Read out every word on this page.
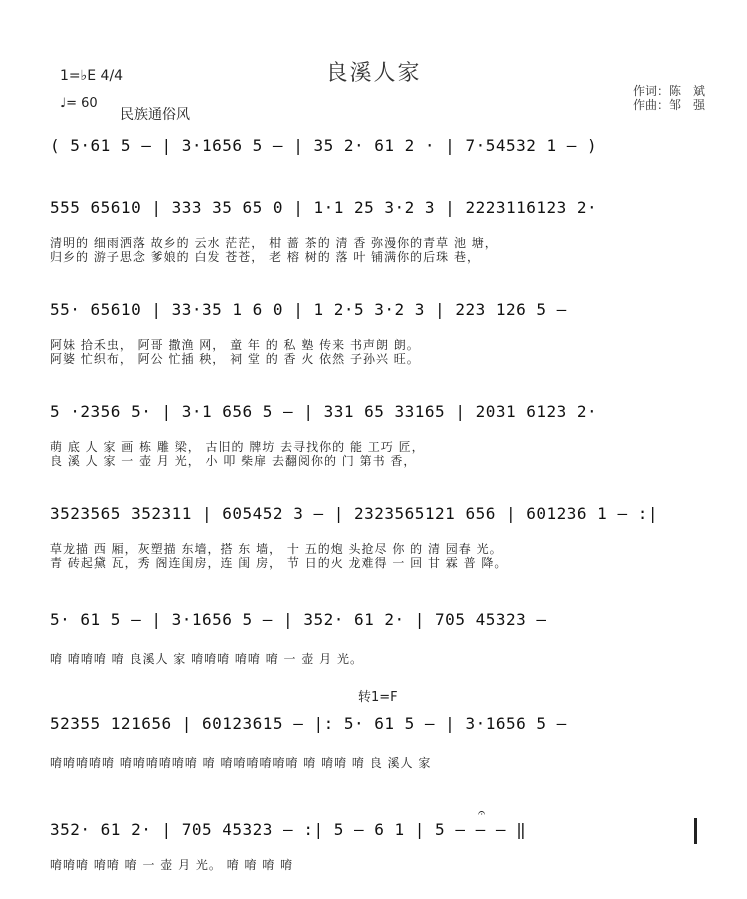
良溪人家
作词：陈　斌
作曲：邹　强
1=♭E 4/4
♩= 60
民族通俗风
( 5·61 5 – | 3·1656 5 – | 35 2· 61 2 · | 7·54532 1 – )
555 65610 | 333 35 65 0 | 1·1 25 3·2 3 | 2223116123 2·
清明的 细雨洒落 故乡的 云水 茫茫， 柑 蔷 茶的 清 香 弥漫你的青草 池 塘，
归乡的 游子思念 爹娘的 白发 苍苍， 老 榕 树的 落 叶 铺满你的后珠 巷，
55· 65610 | 33·35 1 6 0 | 1 2·5 3·2 3 | 223 126 5 –
阿妹 拾禾虫， 阿哥 撒渔 网， 童 年 的 私 塾 传来 书声朗 朗。
阿婆 忙织布， 阿公 忙插 秧， 祠 堂 的 香 火 依然 子孙兴 旺。
5 ·2356 5· | 3·1 656 5 – | 331 65 33165 | 2031 6123 2·
萌 底 人 家 画 栋 雕 梁， 古旧的 牌坊 去寻找你的 能 工巧 匠，
良 溪 人 家 一 壶 月 光， 小 叩 柴扉 去翻阅你的 门 第书 香，
3523565 352311 | 605452 3 – | 2323565121 656 | 601236 1 – :|
草龙描 西 厢，灰塑描 东墙，搭 东 墙， 十 五的炮 头抢尽 你 的 清 园春 光。
青 砖起黛 瓦，秀 阁连闺房，连 闺 房， 节 日的火 龙难得 一 回 甘 霖 普 降。
5· 61 5 – | 3·1656 5 – | 352· 61 2· | 705 45323 –
唷 唷唷唷 唷 良溪人 家 唷唷唷 唷唷 唷 一 壶 月 光。
转1=F
52355 121656 | 60123615 – |: 5· 61 5 – | 3·1656 5 –
唷唷唷唷唷 唷唷唷唷唷唷 唷 唷唷唷唷唷唷 唷 唷唷 唷 良 溪人 家
𝄐
352· 61 2· | 705 45323 – :| 5 – 6 1 | 5 – – – ‖
唷唷唷 唷唷 唷 一 壶 月 光。 唷 唷 唷 唷
